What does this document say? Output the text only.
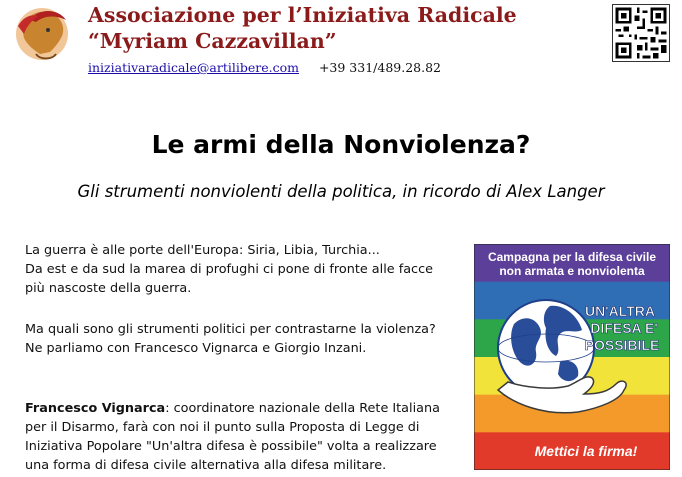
Associazione per l’Iniziativa Radicale
“Myriam Cazzavillan”
iniziativaradicale@artilibere.com +39 331/489.28.82
Le armi della Nonviolenza?
Gli strumenti nonviolenti della politica, in ricordo di Alex Langer
La guerra è alle porte dell'Europa: Siria, Libia, Turchia...
Da est e da sud la marea di profughi ci pone di fronte alle facce
più nascoste della guerra.
Ma quali sono gli strumenti politici per contrastarne la violenza?
Ne parliamo con Francesco Vignarca e Giorgio Inzani.
Francesco Vignarca: coordinatore nazionale della Rete Italiana
per il Disarmo, farà con noi il punto sulla Proposta di Legge di
Iniziativa Popolare "Un'altra difesa è possibile" volta a realizzare
una forma di difesa civile alternativa alla difesa militare.
Campagna per la difesa civile
non armata e nonviolenta
UN'ALTRA
DIFESA E'
POSSIBILE
Mettici la firma!
